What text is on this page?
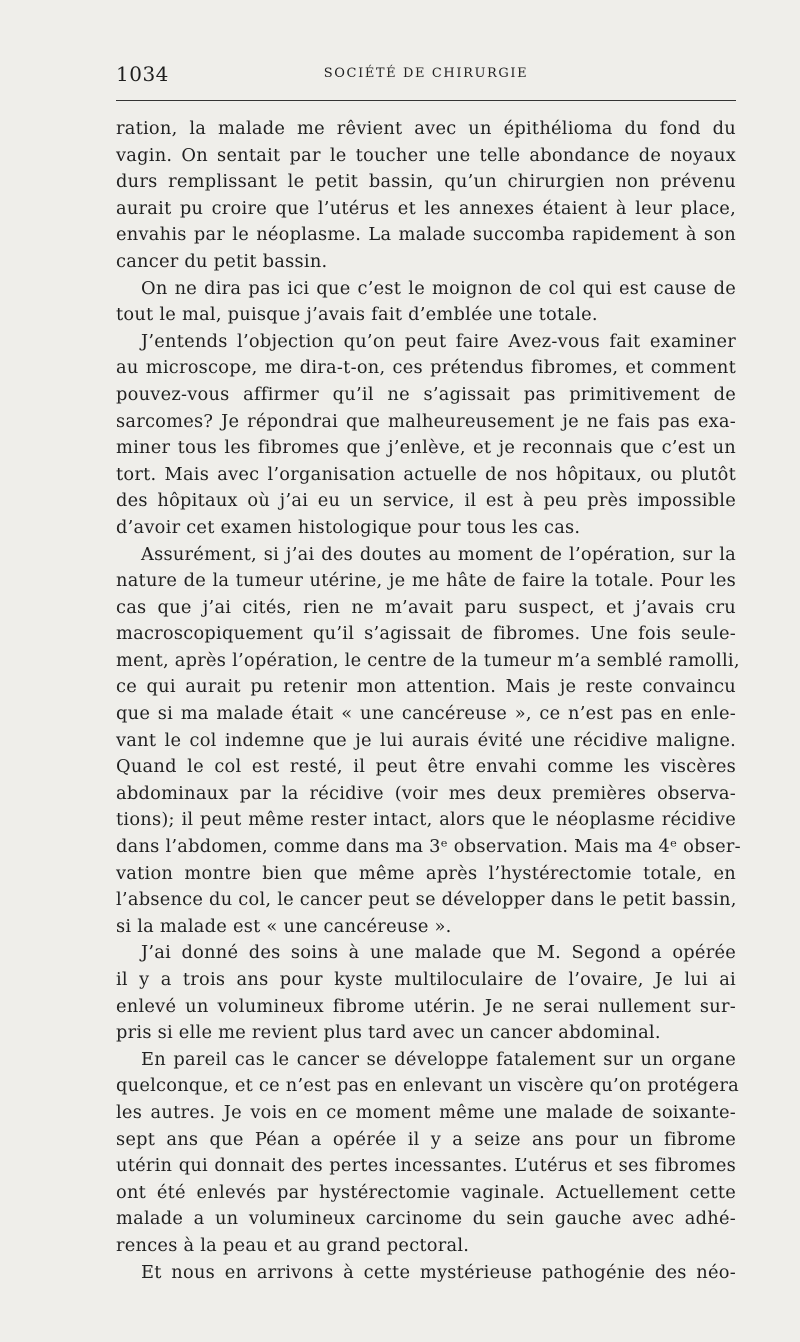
1034	SOCIÉTÉ DE CHIRURGIE
ration, la malade me rêvient avec un épithélioma du fond du
vagin. On sentait par le toucher une telle abondance de noyaux
durs remplissant le petit bassin, qu’un chirurgien non prévenu
aurait pu croire que l’utérus et les annexes étaient à leur place,
envahis par le néoplasme. La malade succomba rapidement à son
cancer du petit bassin.
On ne dira pas ici que c’est le moignon de col qui est cause de
tout le mal, puisque j’avais fait d’emblée une totale.
J’entends l’objection qu’on peut faire Avez-vous fait examiner
au microscope, me dira-t-on, ces prétendus fibromes, et comment
pouvez-vous affirmer qu’il ne s’agissait pas primitivement de
sarcomes? Je répondrai que malheureusement je ne fais pas exa-
miner tous les fibromes que j’enlève, et je reconnais que c’est un
tort. Mais avec l’organisation actuelle de nos hôpitaux, ou plutôt
des hôpitaux où j’ai eu un service, il est à peu près impossible
d’avoir cet examen histologique pour tous les cas.
Assurément, si j’ai des doutes au moment de l’opération, sur la
nature de la tumeur utérine, je me hâte de faire la totale. Pour les
cas que j’ai cités, rien ne m’avait paru suspect, et j’avais cru
macroscopiquement qu’il s’agissait de fibromes. Une fois seule-
ment, après l’opération, le centre de la tumeur m’a semblé ramolli,
ce qui aurait pu retenir mon attention. Mais je reste convaincu
que si ma malade était « une cancéreuse », ce n’est pas en enle-
vant le col indemne que je lui aurais évité une récidive maligne.
Quand le col est resté, il peut être envahi comme les viscères
abdominaux par la récidive (voir mes deux premières observa-
tions); il peut même rester intact, alors que le néoplasme récidive
dans l’abdomen, comme dans ma 3ᵉ observation. Mais ma 4ᵉ obser-
vation montre bien que même après l’hystérectomie totale, en
l’absence du col, le cancer peut se développer dans le petit bassin,
si la malade est « une cancéreuse ».
J’ai donné des soins à une malade que M. Segond a opérée
il y a trois ans pour kyste multiloculaire de l’ovaire, Je lui ai
enlevé un volumineux fibrome utérin. Je ne serai nullement sur-
pris si elle me revient plus tard avec un cancer abdominal.
En pareil cas le cancer se développe fatalement sur un organe
quelconque, et ce n’est pas en enlevant un viscère qu’on protégera
les autres. Je vois en ce moment même une malade de soixante-
sept ans que Péan a opérée il y a seize ans pour un fibrome
utérin qui donnait des pertes incessantes. L’utérus et ses fibromes
ont été enlevés par hystérectomie vaginale. Actuellement cette
malade a un volumineux carcinome du sein gauche avec adhé-
rences à la peau et au grand pectoral.
Et nous en arrivons à cette mystérieuse pathogénie des néo-
